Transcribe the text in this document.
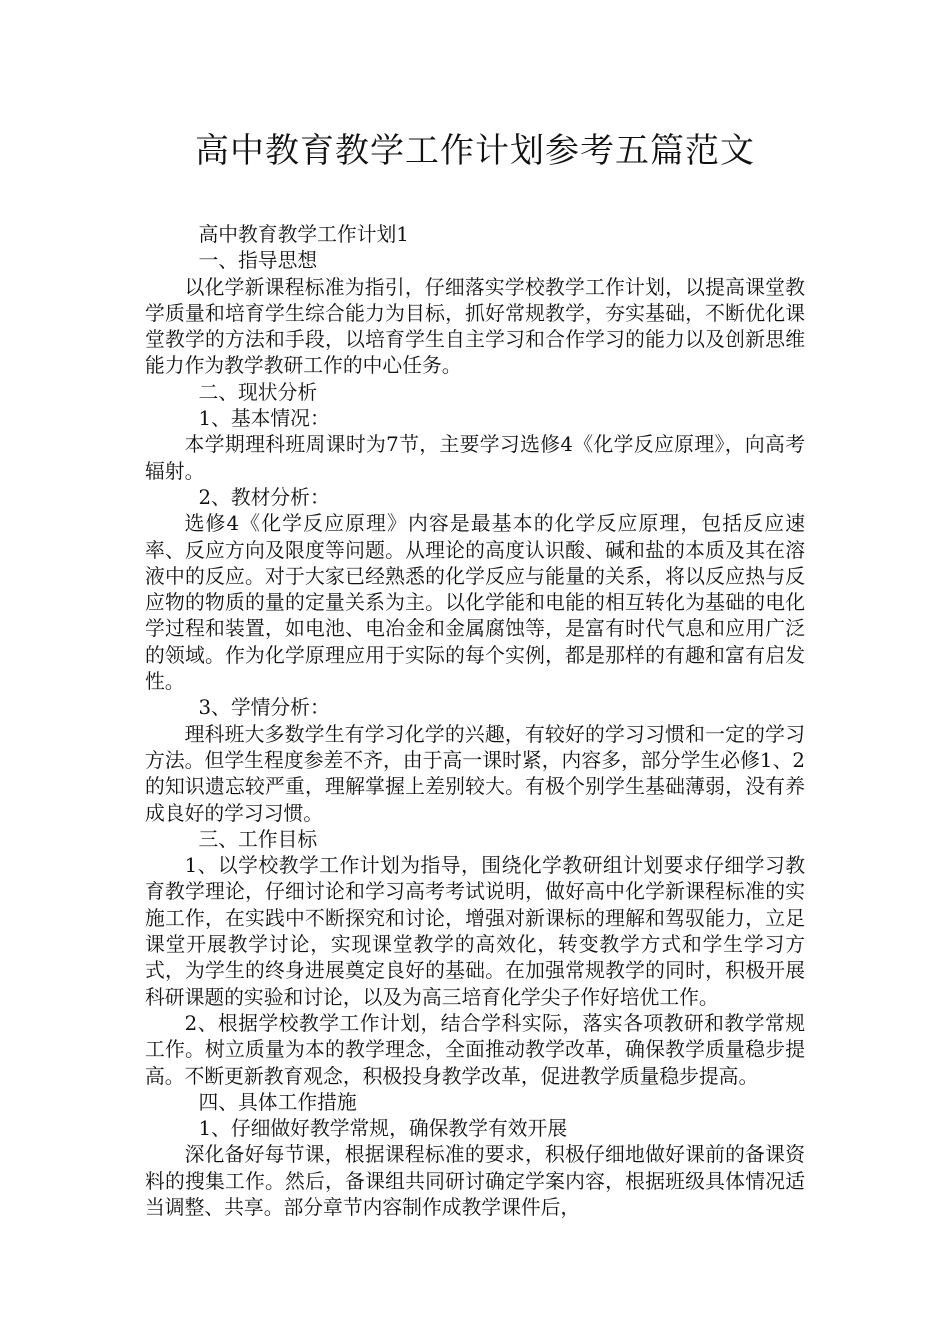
高中教育教学工作计划参考五篇范文

高中教育教学工作计划1

一、指导思想

以化学新课程标准为指引，仔细落实学校教学工作计划，以提高课堂教学质量和培育学生综合能力为目标，抓好常规教学，夯实基础，不断优化课堂教学的方法和手段，以培育学生自主学习和合作学习的能力以及创新思维能力作为教学教研工作的中心任务。

二、现状分析

1、基本情况：

本学期理科班周课时为7节，主要学习选修4《化学反应原理》，向高考辐射。

2、教材分析：

选修4《化学反应原理》内容是最基本的化学反应原理，包括反应速率、反应方向及限度等问题。从理论的高度认识酸、碱和盐的本质及其在溶液中的反应。对于大家已经熟悉的化学反应与能量的关系，将以反应热与反应物的物质的量的定量关系为主。以化学能和电能的相互转化为基础的电化学过程和装置，如电池、电冶金和金属腐蚀等，是富有时代气息和应用广泛的领域。作为化学原理应用于实际的每个实例，都是那样的有趣和富有启发性。

3、学情分析：

理科班大多数学生有学习化学的兴趣，有较好的学习习惯和一定的学习方法。但学生程度参差不齐，由于高一课时紧，内容多，部分学生必修1、2的知识遗忘较严重，理解掌握上差别较大。有极个别学生基础薄弱，没有养成良好的学习习惯。

三、工作目标

1、以学校教学工作计划为指导，围绕化学教研组计划要求仔细学习教育教学理论，仔细讨论和学习高考考试说明，做好高中化学新课程标准的实施工作，在实践中不断探究和讨论，增强对新课标的理解和驾驭能力，立足课堂开展教学讨论，实现课堂教学的高效化，转变教学方式和学生学习方式，为学生的终身进展奠定良好的基础。在加强常规教学的同时，积极开展科研课题的实验和讨论，以及为高三培育化学尖子作好培优工作。

2、根据学校教学工作计划，结合学科实际，落实各项教研和教学常规工作。树立质量为本的教学理念，全面推动教学改革，确保教学质量稳步提高。不断更新教育观念，积极投身教学改革，促进教学质量稳步提高。

四、具体工作措施

1、仔细做好教学常规，确保教学有效开展

深化备好每节课，根据课程标准的要求，积极仔细地做好课前的备课资料的搜集工作。然后，备课组共同研讨确定学案内容，根据班级具体情况适当调整、共享。部分章节内容制作成教学课件后，
